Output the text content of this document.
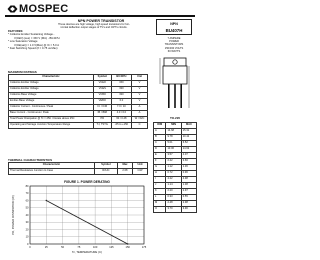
MOSPEC
NPN POWER TRANSISTOR
These devices are high voltage, high speed transistors for hor-
izontal deflection output stages of TV's and CRT's circuits.
FEATURES:
* Collector-Emitter Sustaining Voltage -
V(CEO) (sus) = 150 V (Min) - BU407H
* Low Saturation Voltage
V(CE(sat)) = 1.0 V(Max) @ IC = 5.0 A
* Fast Switching Speed (tf = 0.75 us Max)
NPN
BU407H
7 AMPERE
POWER
TRANSISTORS
150/330 VOLTS
60 WATTS
TO-220
DIM	MIN	MAX
A	14.68	15.31
B	9.78	10.42
C	5.01	6.52
D	13.06	14.62
E	3.57	4.07
F	2.42	3.66
G	1.12	1.36
H	0.72	0.96
I	4.22	4.98
J	1.14	1.38
K	2.20	2.97
L	0.33	0.55
M	2.48	2.98
O	3.70	3.90
MAXIMUM RATINGS
Characteristic	Symbol	BU407H	Unit
Collector-Emitter Voltage	VCEO	150	V
Collector-Emitter Voltage	VCES	330	V
Collector-Base Voltage	VCBO	330	V
Emitter-Base Voltage	VEBO	6.0	V
Collector Current - Continuous / Peak	IC / ICM	7.0 / 10	A
Base Current - Continuous / Peak	IB / IBM	4.0 / 6.0	A
Total Power Dissipation @ Tc = 25C / Derate above 25C	PD	60 / 0.48	W / W/C
Operating and Storage Junction Temperature Range	TJ, TSTG	-65 to +150	C
THERMAL CHARACTERISTICS
Characteristic	Symbol	Max	Unit
Thermal Resistance Junction to Case	RthJC	2.08	C/W
FIGURE 1. POWER DERATING
0	25	50	75	100	125	150	175
0
10
20
30
40
50
60
70
80
Tc, TEMPERATURE (C)
PD, POWER DISSIPATION (W)
